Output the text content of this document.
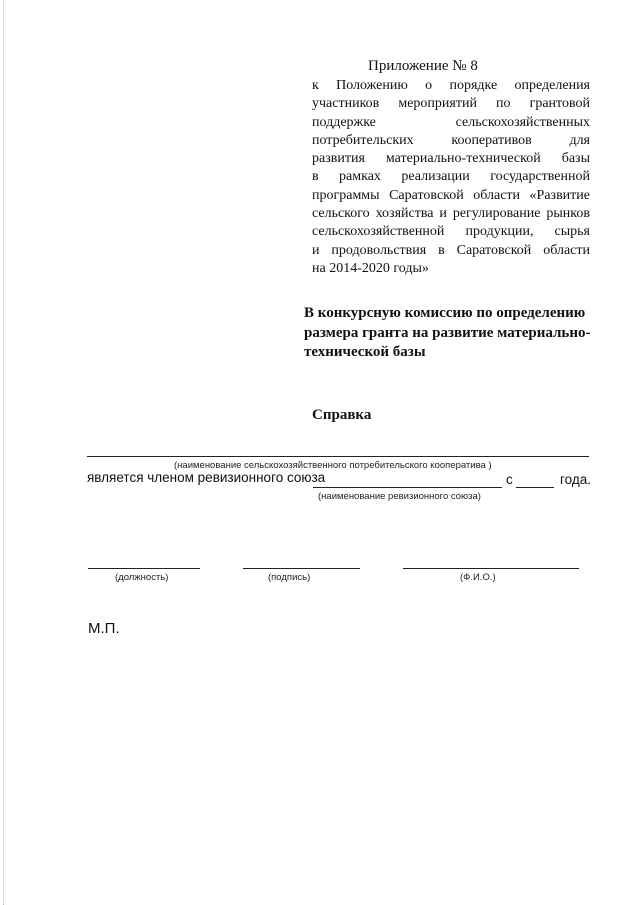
Приложение № 8
к Положению о порядке определения
участников мероприятий по грантовой
поддержке сельскохозяйственных
потребительских кооперативов для
развития материально-технической базы
в рамках реализации государственной
программы Саратовской области «Развитие
сельского хозяйства и регулирование рынков
сельскохозяйственной продукции, сырья
и продовольствия в Саратовской области
на 2014-2020 годы»
В конкурсную комиссию по определению
размера гранта на развитие материально-
технической базы
Справка
(наименование сельскохозяйственного потребительского кооператива )
является членом ревизионного союза	с	года.
(наименование ревизионного союза)
(должность)	(подпись)	(Ф.И.О.)
М.П.
